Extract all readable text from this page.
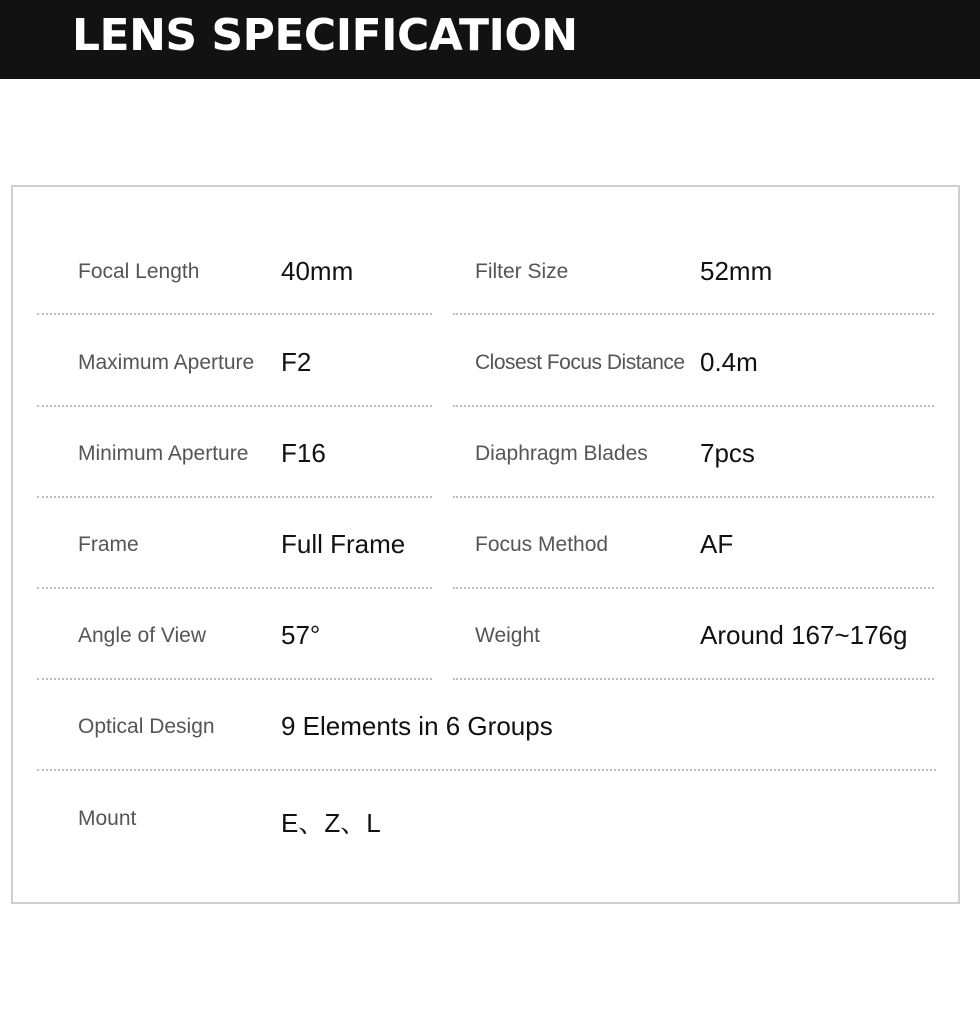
LENS SPECIFICATION
Focal Length	40mm	Filter Size	52mm
Maximum Aperture F2	Closest Focus Distance 0.4m
Minimum Aperture F16	Diaphragm Blades 7pcs
Frame	Full Frame	Focus Method	AF
Angle of View	57°	Weight	Around 167~176g
Optical Design	9 Elements in 6 Groups
Mount	E、Z、L
